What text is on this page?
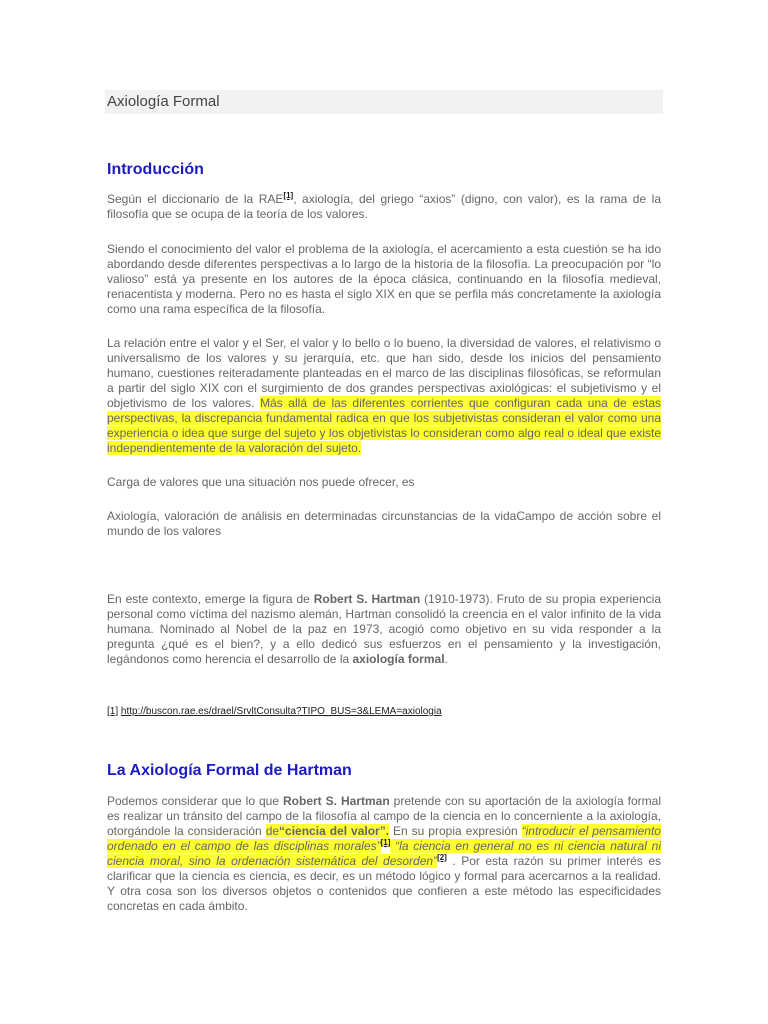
Axiología Formal
Introducción

Según el diccionario de la RAE[1], axiología, del griego “axios” (digno, con valor), es la rama de la filosofía que se ocupa de la teoría de los valores.

Siendo el conocimiento del valor el problema de la axiología, el acercamiento a esta cuestión se ha ido abordando desde diferentes perspectivas a lo largo de la historia de la filosofía. La preocupación por “lo valioso” está ya presente en los autores de la época clásica, continuando en la filosofía medieval, renacentista y moderna. Pero no es hasta el siglo XIX en que se perfila más concretamente la axiología como una rama específica de la filosofía.

La relación entre el valor y el Ser, el valor y lo bello o lo bueno, la diversidad de valores, el relativismo o universalismo de los valores y su jerarquía, etc. que han sido, desde los inicios del pensamiento humano, cuestiones reiteradamente planteadas en el marco de las disciplinas filosóficas, se reformulan a partir del siglo XIX con el surgimiento de dos grandes perspectivas axiológicas: el subjetivismo y el objetivismo de los valores. Más allá de las diferentes corrientes que configuran cada una de estas perspectivas, la discrepancia fundamental radica en que los subjetivistas consideran el valor como una experiencia o idea que surge del sujeto y los objetivistas lo consideran como algo real o ideal que existe independientemente de la valoración del sujeto.

Carga de valores que una situación nos puede ofrecer, es

Axiología, valoración de análisis en determinadas circunstancias de la vidaCampo de acción sobre el mundo de los valores

En este contexto, emerge la figura de Robert S. Hartman (1910-1973). Fruto de su propia experiencia personal como víctima del nazismo alemán, Hartman consolidó la creencia en el valor infinito de la vida humana. Nominado al Nobel de la paz en 1973, acogió como objetivo en su vida responder a la pregunta ¿qué es el bien?, y a ello dedicó sus esfuerzos en el pensamiento y la investigación, legándonos como herencia el desarrollo de la axiología formal.

[1] http://buscon.rae.es/drael/SrvltConsulta?TIPO_BUS=3&LEMA=axiologia
La Axiología Formal de Hartman

Podemos considerar que lo que Robert S. Hartman pretende con su aportación de la axiología formal es realizar un tránsito del campo de la filosofía al campo de la ciencia en lo concerniente a la axiología, otorgándole la consideración de“ciencia del valor”. En su propia expresión “introducir el pensamiento ordenado en el campo de las disciplinas morales”[1] “la ciencia en general no es ni ciencia natural ni ciencia moral, sino la ordenación sistemática del desorden”[2] . Por esta razón su primer interés es clarificar que la ciencia es ciencia, es decir, es un método lógico y formal para acercarnos a la realidad. Y otra cosa son los diversos objetos o contenidos que confieren a este método las especificidades concretas en cada ámbito.
